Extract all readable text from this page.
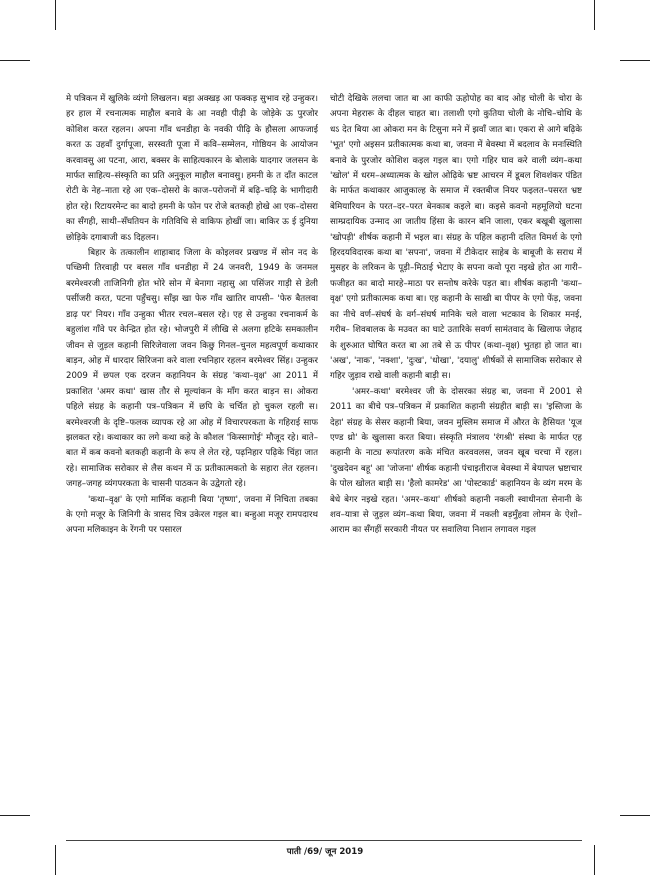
मे पत्रिकन में खुलिके व्यंगो लिखलन। बड़ा अक्खड़ आ फक्कड़ सुभाव रहे उन्हुकर। हर हाल में रचनात्मक माहौल बनावे के आ नवही पीढ़ी के जोड़ेके ऊ पुरजोर कोशिश करत रहलन। अपना गाँव धनडीहा के नवकी पीढ़ि के हौसला आफजाई करत ऊ उहवाँ दुर्गापूजा, सरस्वती पूजा में कवि–सम्मेलन, गोष्ठियन के आयोजन करवावसु आ पटना, आरा, बक्सर के साहित्यकारन के बोलाके यादगार जलसन के मार्फत साहित्य–संस्कृति का प्रति अनुकूल माहौल बनावसु। हमनी के त दाँत काटल रोटी के नेह–नाता रहे आ एक–दोसरो के काज–परोजनों में बढ़ि–चढ़ि के भागीदारी होत रहे। रिटायरमेन्ट का बादो हमनी के फोन पर रोजे बतकही होखे आ एक–दोसरा का सँगही, साथी–सँघतियन के गतिविधि से वाकिफ होखीं जा। बाकिर ऊ ई दुनिया छोड़िके दगाबाजी कऽ दिहलन।

बिहार के तत्कालीन शाहाबाद जिला के कोइलवर प्रखण्ड में सोन नद के पच्छिमी तिरवाही पर बसल गाँव धनडीहा में 24 जनवरी, 1949 के जनमल बरमेश्वरजी ताजिनिगी होत भोरे सोन में बेनागा नहासु आ पसिंजर गाड़ी से डेली पसींजरी करत, पटना पहुँचसु। साँझ खा फेरु गाँव खातिर वापसी– 'फेरु बैतलवा डाढ़ पर' नियर। गाँव उन्हुका भीतर रचल–बसल रहे। एह से उन्हुका रचनाकर्म के बहुलांश गाँवे पर केन्द्रित होत रहे। भोजपुरी में लीखि से अलगा हटिके समकालीन जीवन से जुड़ल कहानी सिरिजेवाला जवन किछु गिनल–चुनल महत्वपूर्ण कथाकार बाड़न, ओह में धारदार सिरिजना करे वाला रचनिहार रहलन बरमेश्वर सिंह। उन्हुकर 2009 में छपल एक दरजन कहानियन के संग्रह 'कथा–वृक्ष' आ 2011 में प्रकाशित 'अमर कथा' खास तौर से मूल्यांकन के माँग करत बाड़न स। ओकरा पहिले संग्रह के कहानी पत्र–पत्रिकन में छपि के चर्चित हो चुकल रहली स। बरमेश्वरजी के दृष्टि–फलक व्यापक रहे आ ओह में विचारपरकता के गहिराई साफ झलकत रहे। कथाकार का लगे कथा कहे के कौशल 'किस्सागोई' मौजूद रहे। बाते–बात में कब कवनो बतकही कहानी के रूप ले लेत रहे, पढ़निहार पढ़िके चिंहा जात रहे। सामाजिक सरोकार से लैस कथन में ऊ प्रतीकात्मकतो के सहारा लेत रहलन। जगह–जगह व्यंगपरकता के चासनी पाठकन के उद्वेगतो रहे।

'कथा–वृक्ष' के एगो मार्मिक कहानी बिया 'तृष्णा', जवना में निचिता तबका के एगो मजूर के जिनिगी के त्रासद चित्र उकेरल गइल बा। बन्हुआ मजूर रामपदारथ अपना मलिकाइन के रेंगनी पर पसारल

चोटी देखिके ललचा जात बा आ काफी ऊहोपोह का बाद ओह चोली के चोरा के अपना मेहरारू के दीहल चाहत बा। तलाशी एगो कुतिया चोली के नोचि–चोथि के धऽ देत बिया आ ओकरा मन के टिसुना मने में झवाँ जात बा। एकरा से आगे बढ़िके 'भूत' एगो अइसन प्रतीकात्मक कथा बा, जवना में बेवस्था में बदलाव के मनःस्थिति बनावे के पुरजोर कोशिश कइल गइल बा। एगो गहिर घाव करे वाली व्यंग–कथा 'खोल' में धरम–अध्यात्मक के खोल ओढ़िके भ्रष्ट आचरन में डूबल शिवशंकर पंडित के मार्फत कथाकार आजुकाल्ह के समाज में रक्तबीज नियर फइलत–पसरत भ्रष्ट बेमियारियन के परत–दर–परत बेनकाब कइले बा। कइसे कवनो महमूलियो घटना साम्प्रदायिक उन्माद आ जातीय हिंसा के कारन बनि जाला, एकर बखूबी खुलासा 'खोपड़ी' शीर्षक कहानी में भइल बा। संग्रह के पहिल कहानी दलित विमर्श के एगो हिरदयविदारक कथा बा 'सपना', जवना में टीकेदार साहेब के बाबूजी के सराध में मुसहर के लरिकन के पूड़ी–मिठाई भेटाए के सपना कवो पूरा नइखे होत आ गारी–फजीहत का बादो मारहे–माठा पर सन्तोष करेके पड़त बा। शीर्षक कहानी 'कथा–वृक्ष' एगो प्रतीकात्मक कथा बा। एह कहानी के साखी बा पीपर के एगो फेंड़, जवना का नीचे वर्ण–संघर्ष के वर्ग–संघर्ष मानिके चले वाला भटकाव के शिकार मनई, गरीब– शिवबालक के मउवत का घाटे उतारिके सवर्ण सामंतवाद के खिलाफ जेहाद के शुरुआत घोषित करत बा आ तबे से ऊ पीपर (कथा–वृक्ष) भुतहा हो जात बा। 'अख', 'नाक', 'नक्शा', 'दुःख', 'धोखा', 'दयालु' शीर्षकों से सामाजिक सरोकार से गहिर जुड़ाव राखे वाली कहानी बाड़ी स।

'अमर–कथा' बरमेश्वर जी के दोसरका संग्रह बा, जवना में 2001 से 2011 का बीचे पत्र–पत्रिकन में प्रकाशित कहानी संग्रहीत बाड़ी स। 'इस्तिजा के देहा' संग्रह के सेसर कहानी बिया, जवन मुस्लिम समाज में औरत के हैसियत 'यूज एण्ड थ्रो' के खुलासा करत बिया। संस्कृति मंत्रालय 'रंगश्री' संस्था के मार्फत एह कहानी के नाट्य रूपांतरण कके मंचित करववलस, जवन खूब चरचा में रहल। 'दुखदेवन बहू' आ 'जोजना' शीर्षक कहानी पंचाइतीराज बेवस्था में बेयापल भ्रष्टाचार के पोल खोलत बाड़ी स। 'हैलो कामरेड' आ 'पोस्टकार्ड' कहानियन के व्यंग मरम के बेधे बेगर नइखे रहत। 'अमर–कथा' शीर्षको कहानी नकली स्वाधीनता सेनानी के शव–यात्रा से जुड़ल व्यंग–कथा बिया, जवना में नकली बड़मुँहवा लोमन के ऐशो–आराम का सँगहीं सरकारी नीयत पर सवालिया निशान लगावल गइल

पाती /69/ जून 2019
